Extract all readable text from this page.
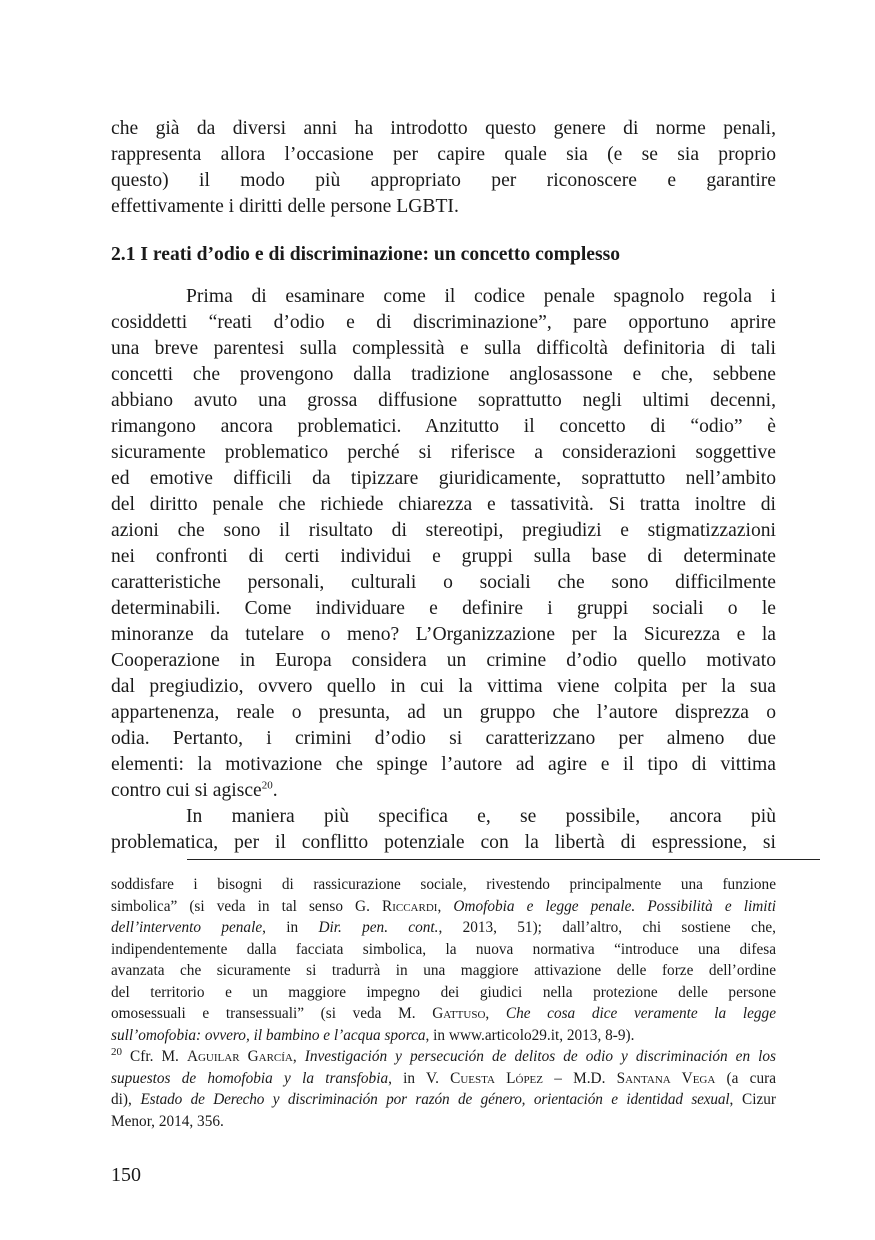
che già da diversi anni ha introdotto questo genere di norme penali,
rappresenta allora l’occasione per capire quale sia (e se sia proprio
questo) il modo più appropriato per riconoscere e garantire
effettivamente i diritti delle persone LGBTI.
2.1 I reati d’odio e di discriminazione: un concetto complesso
Prima di esaminare come il codice penale spagnolo regola i
cosiddetti “reati d’odio e di discriminazione”, pare opportuno aprire
una breve parentesi sulla complessità e sulla difficoltà definitoria di tali
concetti che provengono dalla tradizione anglosassone e che, sebbene
abbiano avuto una grossa diffusione soprattutto negli ultimi decenni,
rimangono ancora problematici. Anzitutto il concetto di “odio” è
sicuramente problematico perché si riferisce a considerazioni soggettive
ed emotive difficili da tipizzare giuridicamente, soprattutto nell’ambito
del diritto penale che richiede chiarezza e tassatività. Si tratta inoltre di
azioni che sono il risultato di stereotipi, pregiudizi e stigmatizzazioni
nei confronti di certi individui e gruppi sulla base di determinate
caratteristiche personali, culturali o sociali che sono difficilmente
determinabili. Come individuare e definire i gruppi sociali o le
minoranze da tutelare o meno? L’Organizzazione per la Sicurezza e la
Cooperazione in Europa considera un crimine d’odio quello motivato
dal pregiudizio, ovvero quello in cui la vittima viene colpita per la sua
appartenenza, reale o presunta, ad un gruppo che l’autore disprezza o
odia. Pertanto, i crimini d’odio si caratterizzano per almeno due
elementi: la motivazione che spinge l’autore ad agire e il tipo di vittima
contro cui si agisce$^{20}$.
In maniera più specifica e, se possibile, ancora più
problematica, per il conflitto potenziale con la libertà di espressione, si
soddisfare i bisogni di rassicurazione sociale, rivestendo principalmente una funzione
simbolica” (si veda in tal senso G. Riccardi, Omofobia e legge penale. Possibilità e limiti
dell’intervento penale, in Dir. pen. cont., 2013, 51); dall’altro, chi sostiene che,
indipendentemente dalla facciata simbolica, la nuova normativa “introduce una difesa
avanzata che sicuramente si tradurrà in una maggiore attivazione delle forze dell’ordine
del territorio e un maggiore impegno dei giudici nella protezione delle persone
omosessuali e transessuali” (si veda M. Gattuso, Che cosa dice veramente la legge
sull’omofobia: ovvero, il bambino e l’acqua sporca, in www.articolo29.it, 2013, 8-9).
$^{20}$ Cfr. M. Aguilar García, Investigación y persecución de delitos de odio y discriminación en los
supuestos de homofobia y la transfobia, in V. Cuesta López – M.D. Santana Vega (a cura
di), Estado de Derecho y discriminación por razón de género, orientación e identidad sexual, Cizur
Menor, 2014, 356.
150
